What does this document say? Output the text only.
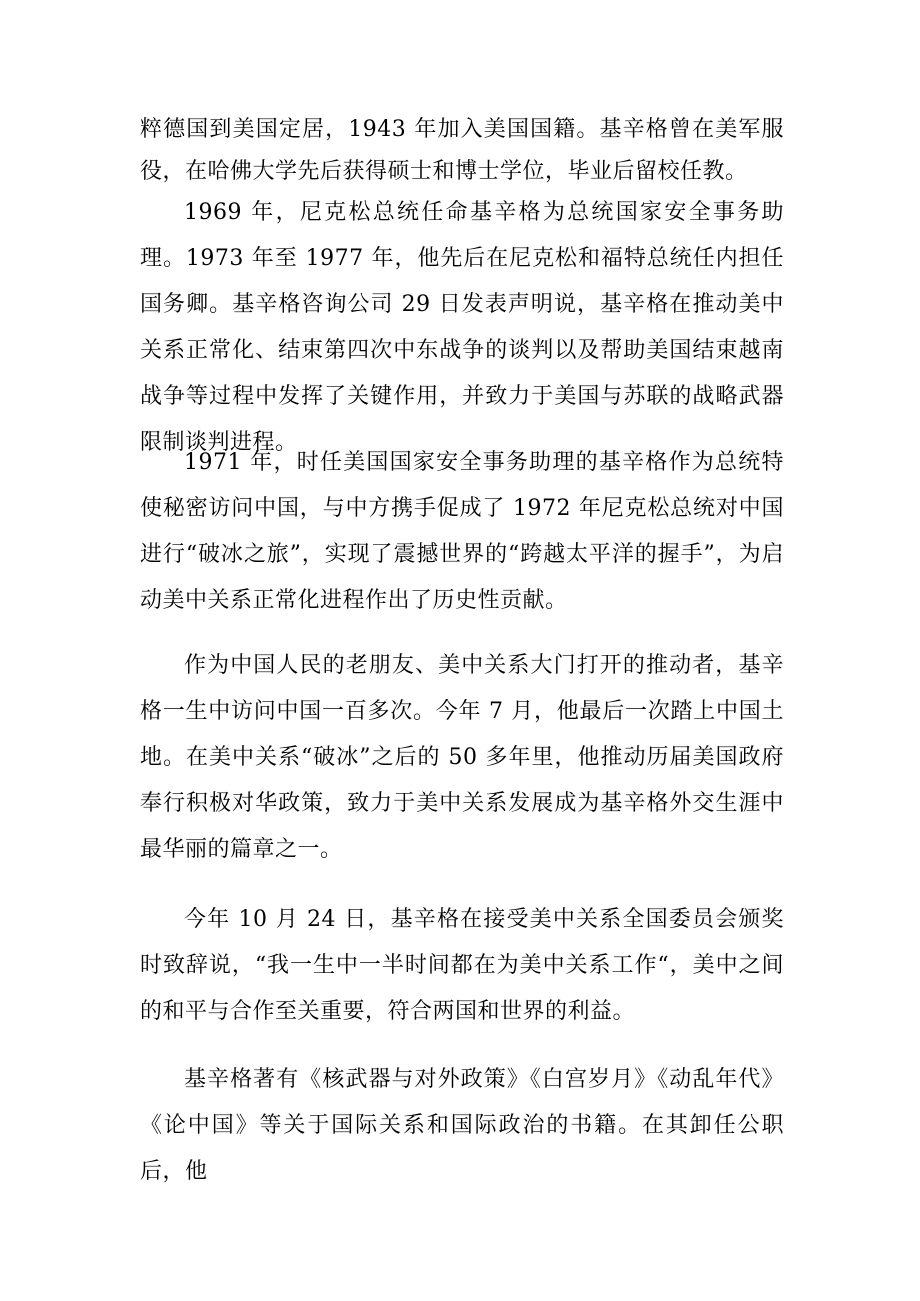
粹德国到美国定居，1943 年加入美国国籍。基辛格曾在美军服役，在哈佛大学先后获得硕士和博士学位，毕业后留校任教。

1969 年，尼克松总统任命基辛格为总统国家安全事务助理。1973 年至 1977 年，他先后在尼克松和福特总统任内担任国务卿。基辛格咨询公司 29 日发表声明说，基辛格在推动美中关系正常化、结束第四次中东战争的谈判以及帮助美国结束越南战争等过程中发挥了关键作用，并致力于美国与苏联的战略武器限制谈判进程。

1971 年，时任美国国家安全事务助理的基辛格作为总统特使秘密访问中国，与中方携手促成了 1972 年尼克松总统对中国进行“破冰之旅”，实现了震撼世界的“跨越太平洋的握手”，为启动美中关系正常化进程作出了历史性贡献。

作为中国人民的老朋友、美中关系大门打开的推动者，基辛格一生中访问中国一百多次。今年 7 月，他最后一次踏上中国土地。在美中关系“破冰”之后的 50 多年里，他推动历届美国政府奉行积极对华政策，致力于美中关系发展成为基辛格外交生涯中最华丽的篇章之一。

今年 10 月 24 日，基辛格在接受美中关系全国委员会颁奖时致辞说，“我一生中一半时间都在为美中关系工作“，美中之间的和平与合作至关重要，符合两国和世界的利益。

基辛格著有《核武器与对外政策》《白宫岁月》《动乱年代》《论中国》等关于国际关系和国际政治的书籍。在其卸任公职后，他
